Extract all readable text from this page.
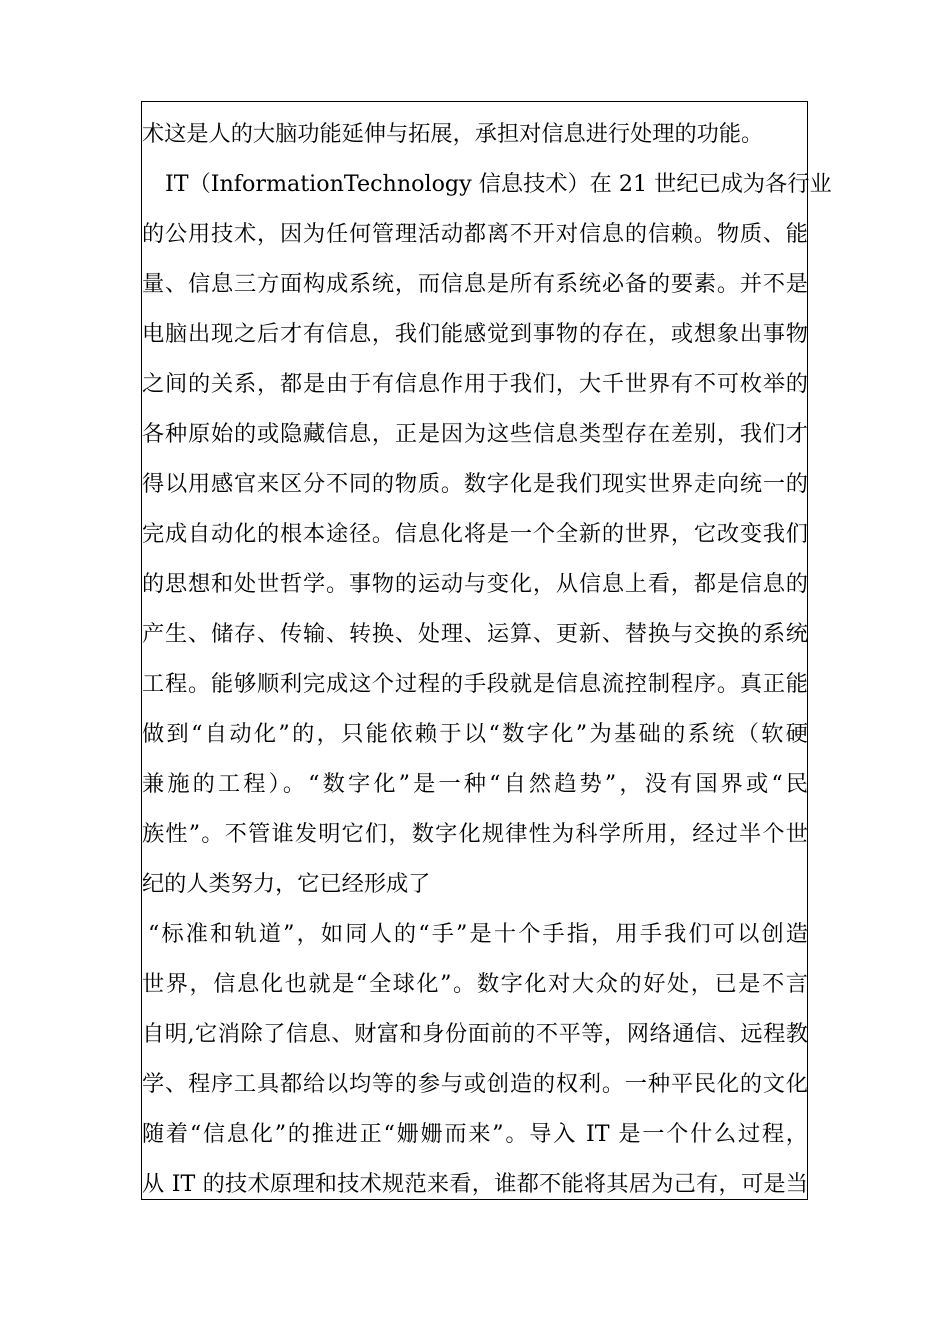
术这是人的大脑功能延伸与拓展，承担对信息进行处理的功能。
IT（InformationTechnology 信息技术）在 21 世纪已成为各行业
的公用技术，因为任何管理活动都离不开对信息的信赖。物质、能
量、信息三方面构成系统，而信息是所有系统必备的要素。并不是
电脑出现之后才有信息，我们能感觉到事物的存在，或想象出事物
之间的关系，都是由于有信息作用于我们，大千世界有不可枚举的
各种原始的或隐藏信息，正是因为这些信息类型存在差别，我们才
得以用感官来区分不同的物质。数字化是我们现实世界走向统一的
完成自动化的根本途径。信息化将是一个全新的世界，它改变我们
的思想和处世哲学。事物的运动与变化，从信息上看，都是信息的
产生、储存、传输、转换、处理、运算、更新、替换与交换的系统
工程。能够顺利完成这个过程的手段就是信息流控制程序。真正能
做到“自动化”的，只能依赖于以“数字化”为基础的系统（软硬
兼施的工程）。“数字化”是一种“自然趋势”，没有国界或“民
族性”。不管谁发明它们，数字化规律性为科学所用，经过半个世
纪的人类努力，它已经形成了
“标准和轨道”，如同人的“手”是十个手指，用手我们可以创造
世界，信息化也就是“全球化”。数字化对大众的好处，已是不言
自明,它消除了信息、财富和身份面前的不平等，网络通信、远程教
学、程序工具都给以均等的参与或创造的权利。一种平民化的文化
随着“信息化”的推进正“姗姗而来”。导入 IT 是一个什么过程，
从 IT 的技术原理和技术规范来看，谁都不能将其居为己有，可是当
